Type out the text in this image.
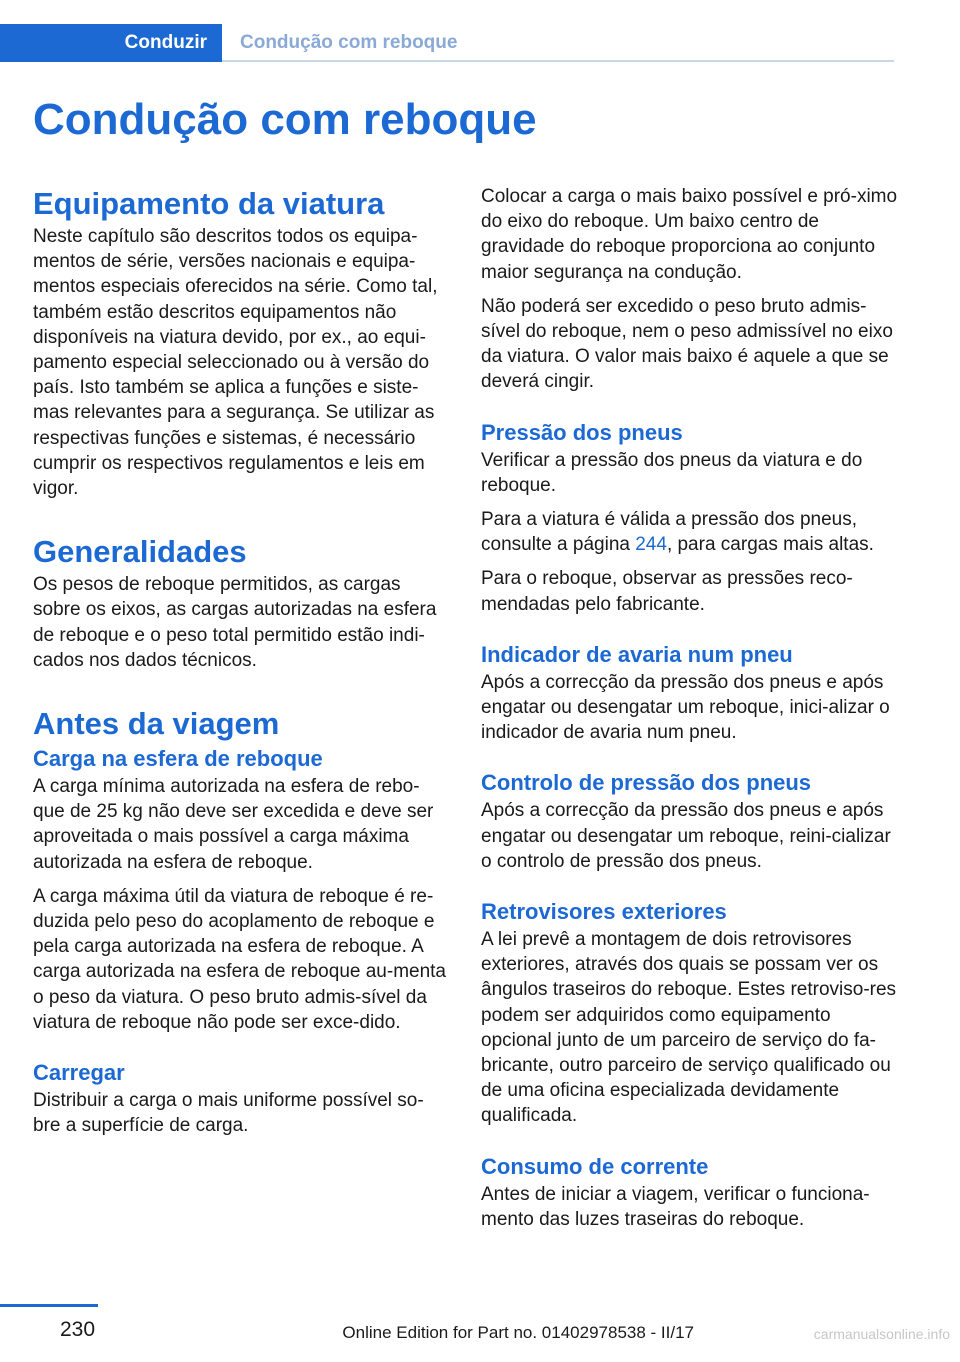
Conduzir	Condução com reboque
Condução com reboque
Equipamento da viatura

Neste capítulo são descritos todos os equipa-mentos de série, versões nacionais e equipa-mentos especiais oferecidos na série. Como tal, também estão descritos equipamentos não disponíveis na viatura devido, por ex., ao equi-pamento especial seleccionado ou à versão do país. Isto também se aplica a funções e siste-mas relevantes para a segurança. Se utilizar as respectivas funções e sistemas, é necessário cumprir os respectivos regulamentos e leis em vigor.

Generalidades

Os pesos de reboque permitidos, as cargas sobre os eixos, as cargas autorizadas na esfera de reboque e o peso total permitido estão indi-cados nos dados técnicos.

Antes da viagem
Carga na esfera de reboque

A carga mínima autorizada na esfera de rebo-que de 25 kg não deve ser excedida e deve ser aproveitada o mais possível a carga máxima autorizada na esfera de reboque.

A carga máxima útil da viatura de reboque é re-duzida pelo peso do acoplamento de reboque e pela carga autorizada na esfera de reboque. A carga autorizada na esfera de reboque au-menta o peso da viatura. O peso bruto admis-sível da viatura de reboque não pode ser exce-dido.

Carregar

Distribuir a carga o mais uniforme possível so-bre a superfície de carga.

Colocar a carga o mais baixo possível e pró-ximo do eixo do reboque. Um baixo centro de gravidade do reboque proporciona ao conjunto maior segurança na condução.

Não poderá ser excedido o peso bruto admis-sível do reboque, nem o peso admissível no eixo da viatura. O valor mais baixo é aquele a que se deverá cingir.

Pressão dos pneus

Verificar a pressão dos pneus da viatura e do reboque.

Para a viatura é válida a pressão dos pneus, consulte a página 244, para cargas mais altas.

Para o reboque, observar as pressões reco-mendadas pelo fabricante.

Indicador de avaria num pneu

Após a correcção da pressão dos pneus e após engatar ou desengatar um reboque, inici-alizar o indicador de avaria num pneu.

Controlo de pressão dos pneus

Após a correcção da pressão dos pneus e após engatar ou desengatar um reboque, reini-cializar o controlo de pressão dos pneus.

Retrovisores exteriores

A lei prevê a montagem de dois retrovisores exteriores, através dos quais se possam ver os ângulos traseiros do reboque. Estes retroviso-res podem ser adquiridos como equipamento opcional junto de um parceiro de serviço do fa-bricante, outro parceiro de serviço qualificado ou de uma oficina especializada devidamente qualificada.

Consumo de corrente

Antes de iniciar a viagem, verificar o funciona-mento das luzes traseiras do reboque.

230	Online Edition for Part no. 01402978538 - II/17	carmanualsonline.info
